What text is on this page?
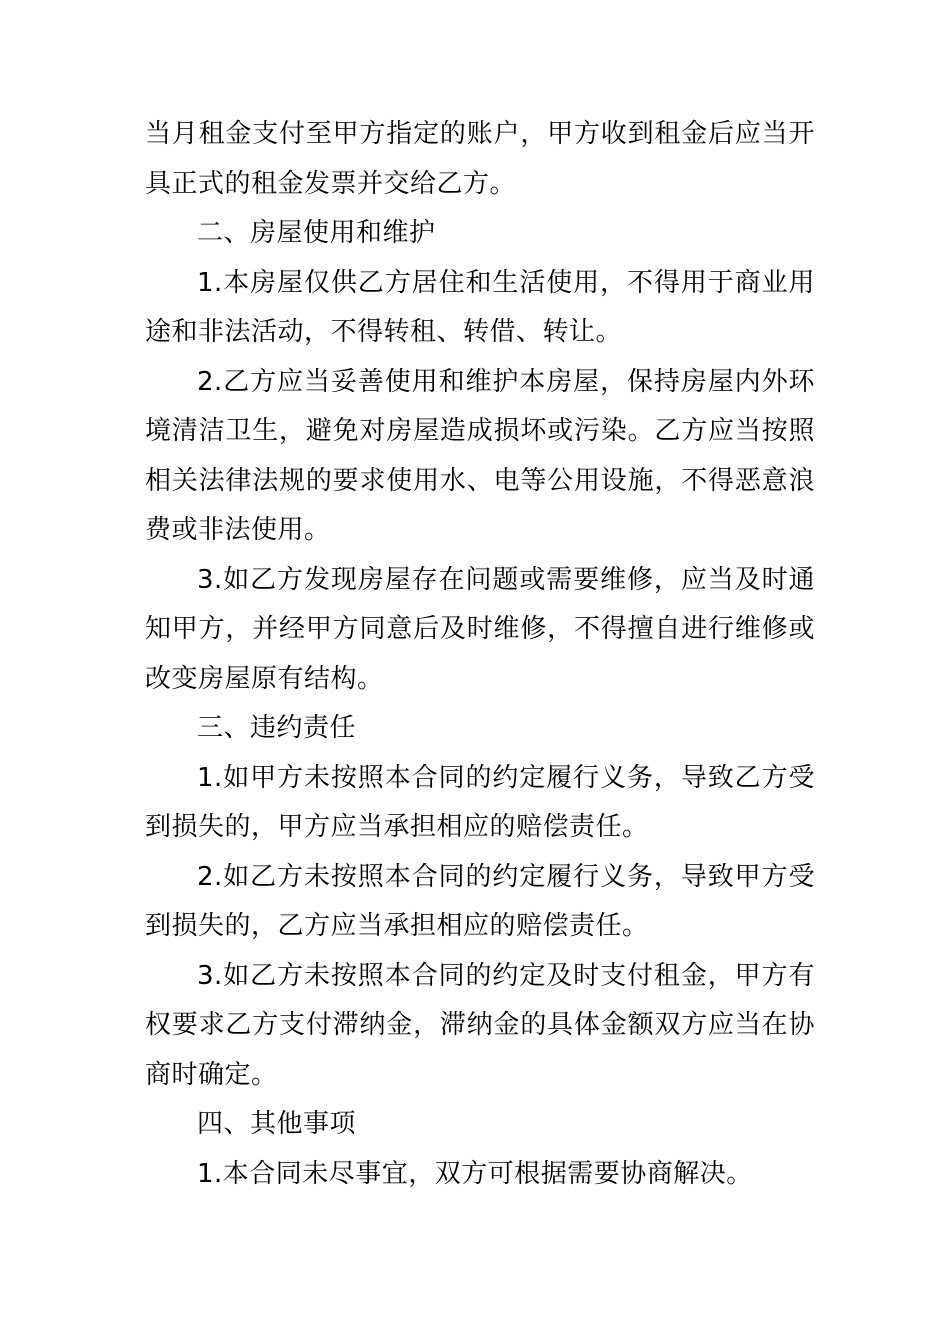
当月租金支付至甲方指定的账户，甲方收到租金后应当开具正式的租金发票并交给乙方。

二、房屋使用和维护

1.本房屋仅供乙方居住和生活使用，不得用于商业用途和非法活动，不得转租、转借、转让。

2.乙方应当妥善使用和维护本房屋，保持房屋内外环境清洁卫生，避免对房屋造成损坏或污染。乙方应当按照相关法律法规的要求使用水、电等公用设施，不得恶意浪费或非法使用。

3.如乙方发现房屋存在问题或需要维修，应当及时通知甲方，并经甲方同意后及时维修，不得擅自进行维修或改变房屋原有结构。

三、违约责任

1.如甲方未按照本合同的约定履行义务，导致乙方受到损失的，甲方应当承担相应的赔偿责任。

2.如乙方未按照本合同的约定履行义务，导致甲方受到损失的，乙方应当承担相应的赔偿责任。

3.如乙方未按照本合同的约定及时支付租金，甲方有权要求乙方支付滞纳金，滞纳金的具体金额双方应当在协商时确定。

四、其他事项

1.本合同未尽事宜，双方可根据需要协商解决。
